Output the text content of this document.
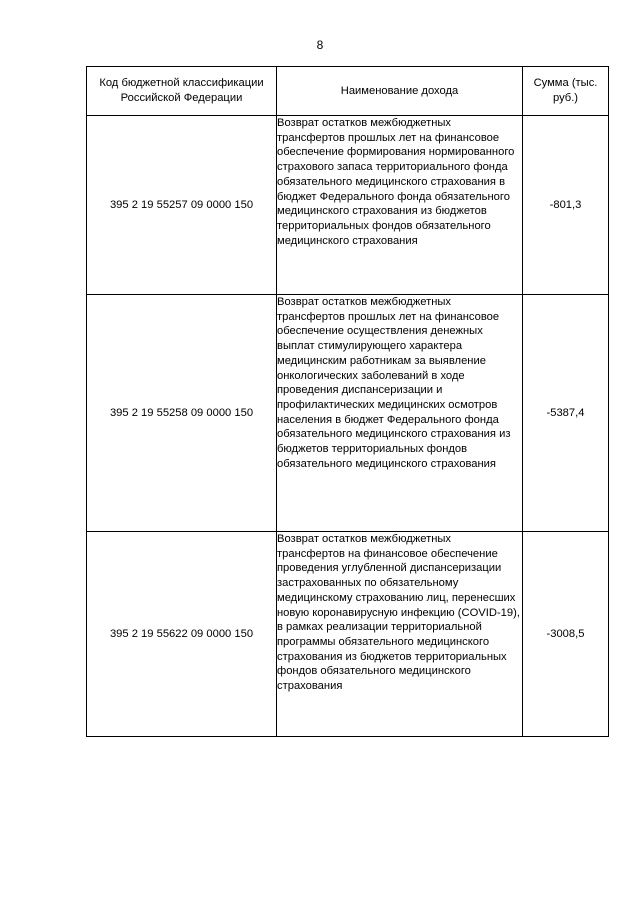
8
Код бюджетной классификации Российской Федерации	Наименование дохода	Сумма (тыс. руб.)
395 2 19 55257 09 0000 150	Возврат остатков межбюджетных трансфертов прошлых лет на финансовое обеспечение формирования нормированного страхового запаса территориального фонда обязательного медицинского страхования в бюджет Федерального фонда обязательного медицинского страхования из бюджетов территориальных фондов обязательного медицинского страхования	-801,3
395 2 19 55258 09 0000 150	Возврат остатков межбюджетных трансфертов прошлых лет на финансовое обеспечение осуществления денежных выплат стимулирующего характера медицинским работникам за выявление онкологических заболеваний в ходе проведения диспансеризации и профилактических медицинских осмотров населения в бюджет Федерального фонда обязательного медицинского страхования из бюджетов территориальных фондов обязательного медицинского страхования	-5387,4
395 2 19 55622 09 0000 150	Возврат остатков межбюджетных трансфертов на финансовое обеспечение проведения углубленной диспансеризации застрахованных по обязательному медицинскому страхованию лиц, перенесших новую коронавирусную инфекцию (COVID-19), в рамках реализации территориальной программы обязательного медицинского страхования из бюджетов территориальных фондов обязательного медицинского страхования	-3008,5
